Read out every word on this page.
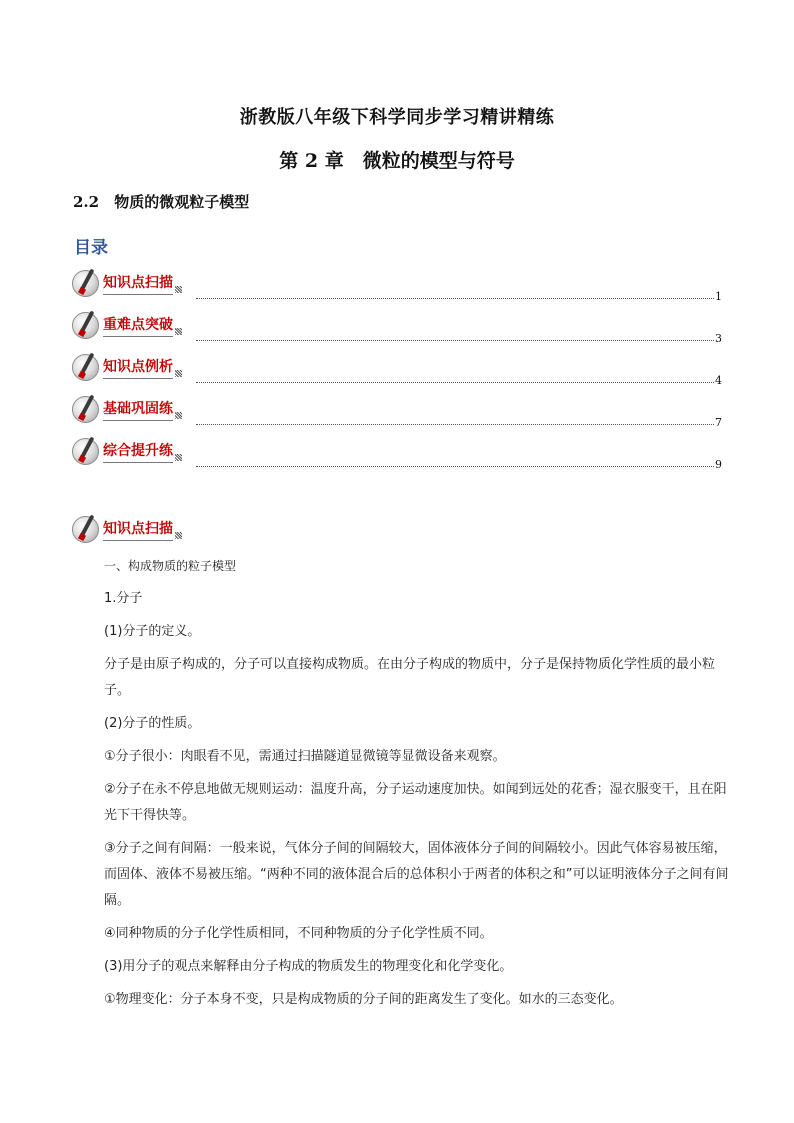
浙教版八年级下科学同步学习精讲精练
第 2 章　微粒的模型与符号
2.2 物质的微观粒子模型
目录
知识点扫描
1
重难点突破
3
知识点例析
4
基础巩固练
7
综合提升练
9
知识点扫描

一、构成物质的粒子模型

1.分子

(1)分子的定义。

分子是由原子构成的，分子可以直接构成物质。在由分子构成的物质中，分子是保持物质化学性质的最小粒子。

(2)分子的性质。

①分子很小：肉眼看不见，需通过扫描隧道显微镜等显微设备来观察。

②分子在永不停息地做无规则运动：温度升高，分子运动速度加快。如闻到远处的花香；湿衣服变干，且在阳光下干得快等。

③分子之间有间隔：一般来说，气体分子间的间隔较大，固体液体分子间的间隔较小。因此气体容易被压缩，而固体、液体不易被压缩。“两种不同的液体混合后的总体积小于两者的体积之和”可以证明液体分子之间有间隔。

④同种物质的分子化学性质相同，不同种物质的分子化学性质不同。

(3)用分子的观点来解释由分子构成的物质发生的物理变化和化学变化。

①物理变化：分子本身不变，只是构成物质的分子间的距离发生了变化。如水的三态变化。
